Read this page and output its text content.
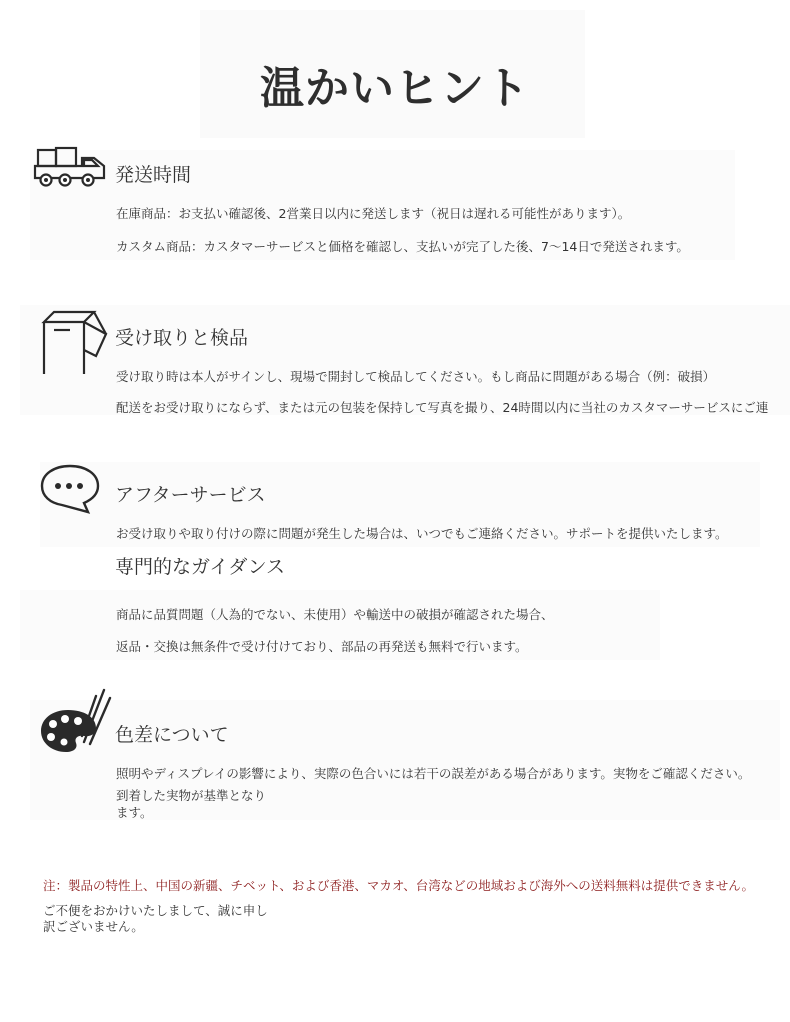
温かいヒント
発送時間
在庫商品：お支払い確認後、2営業日以内に発送します（祝日は遅れる可能性があります）。
カスタム商品：カスタマーサービスと価格を確認し、支払いが完了した後、7〜14日で発送されます。
受け取りと検品
受け取り時は本人がサインし、現場で開封して検品してください。もし商品に問題がある場合（例：破損）
配送をお受け取りにならず、または元の包装を保持して写真を撮り、24時間以内に当社のカスタマーサービスにご連
アフターサービス
お受け取りや取り付けの際に問題が発生した場合は、いつでもご連絡ください。サポートを提供いたします。
専門的なガイダンス
商品に品質問題（人為的でない、未使用）や輸送中の破損が確認された場合、
返品・交換は無条件で受け付けており、部品の再発送も無料で行います。
色差について
照明やディスプレイの影響により、実際の色合いには若干の誤差がある場合があります。実物をご確認ください。
到着した実物が基準となります。
注：製品の特性上、中国の新疆、チベット、および香港、マカオ、台湾などの地域および海外への送料無料は提供できません。
ご不便をおかけいたしまして、誠に申し訳ございません。
